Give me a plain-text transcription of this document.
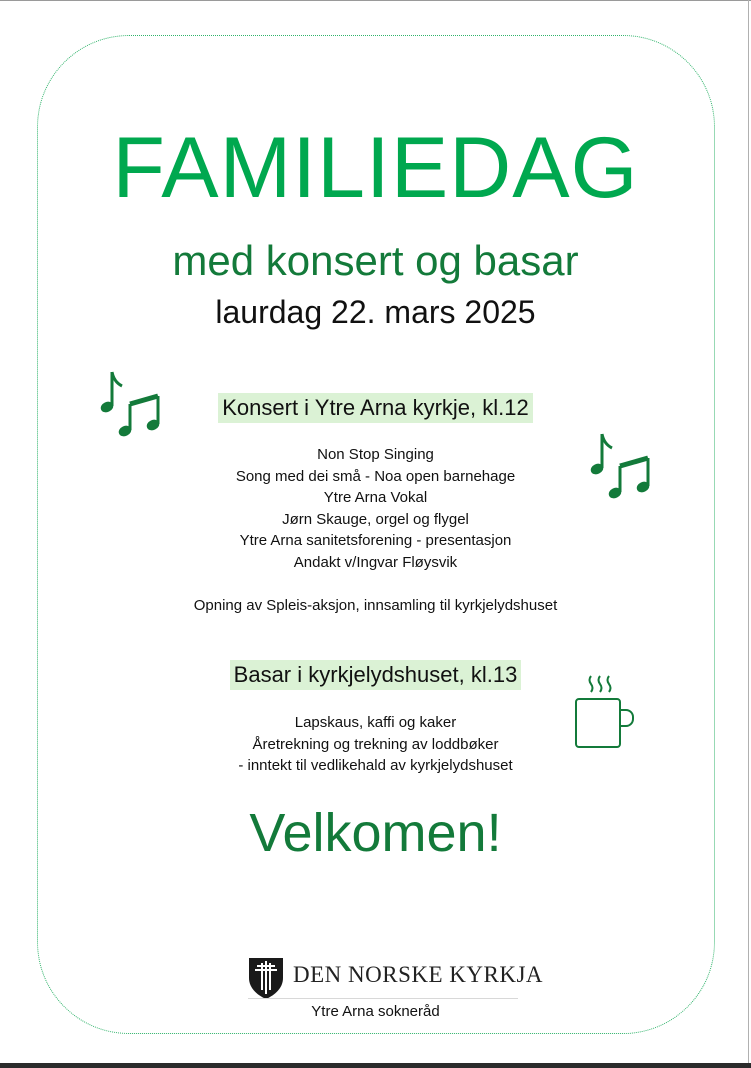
FAMILIEDAG
med konsert og basar
laurdag 22. mars 2025
Konsert i Ytre Arna kyrkje, kl.12
Non Stop Singing
Song med dei små - Noa open barnehage
Ytre Arna Vokal
Jørn Skauge, orgel og flygel
Ytre Arna sanitetsforening - presentasjon
Andakt v/Ingvar Fløysvik
Opning av Spleis-aksjon, innsamling til kyrkjelydshuset
Basar i kyrkjelydshuset, kl.13
Lapskaus, kaffi og kaker
Åretrekning og trekning av loddbøker
- inntekt til vedlikehald av kyrkjelydshuset
Velkomen!
DEN NORSKE KYRKJA
Ytre Arna sokneråd
